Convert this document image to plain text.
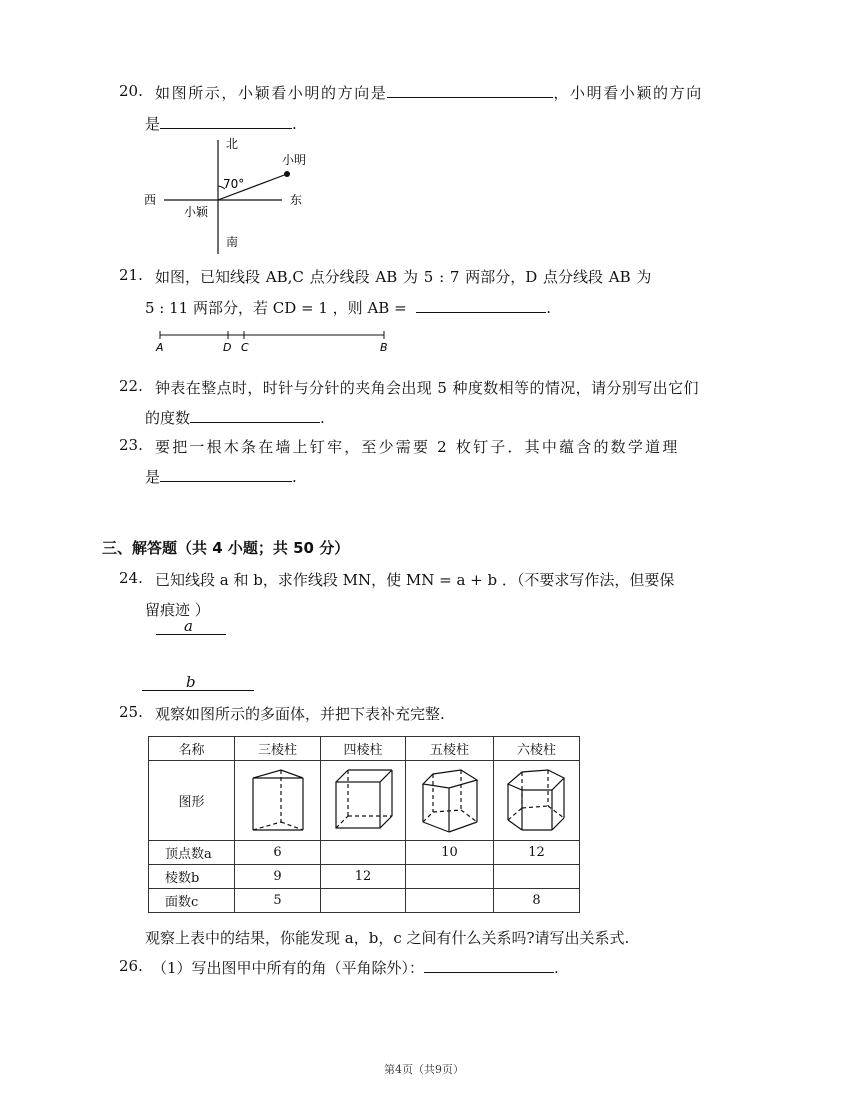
20. 如图所示，小颖看小明的方向是	，小明看小颖的方向
是	.
北
南
东
西
小明
小颖
70°
21. 如图，已知线段 AB,C 点分线段 AB 为 5 : 7 两部分，D 点分线段 AB 为
5 : 11 两部分，若 CD = 1 ，则 AB =	.
A	D C	B
22. 钟表在整点时，时针与分针的夹角会出现 5 种度数相等的情况，请分别写出它们
的度数	.
23. 要把一根木条在墙上钉牢，至少需要 2 枚钉子．其中蕴含的数学道理
是	.
三、解答题（共 4 小题；共 50 分）
24. 已知线段 a 和 b，求作线段 MN，使 MN = a + b ．（不要求写作法，但要保
留痕迹 ）
a
b
25. 观察如图所示的多面体，并把下表补充完整.
名称	三棱柱	四棱柱	五棱柱	六棱柱
图形	

顶点数a	6		10	12
棱数b	9	12		
面数c	5			8
观察上表中的结果，你能发现 a，b，c 之间有什么关系吗?请写出关系式.
26. （1）写出图甲中所有的角（平角除外）：	.
第4页（共9页）
